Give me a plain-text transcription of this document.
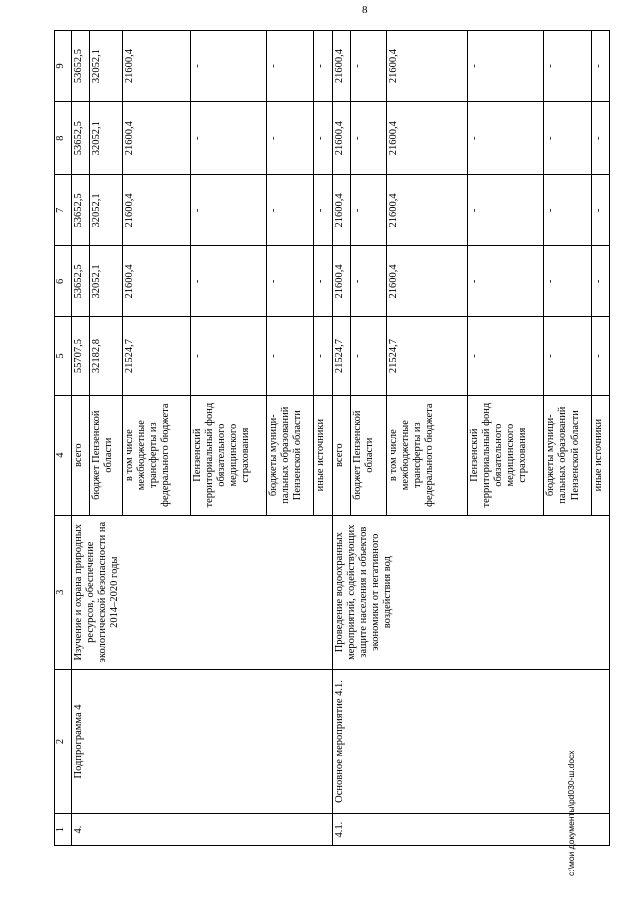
1	2	3	4	5	6	7	8	9
4.	Подпрограмма 4	Изучение и охрана природных ресурсов, обеспечение экологической безопасности на 2014–2020 годы	всего	55707,5	53652,5	53652,5	53652,5	53652,5
			бюджет Пензенской области	32182,8	32052,1	32052,1	32052,1	32052,1
			в том числе межбюджетные трансферты из федерального бюджета	21524,7	21600,4	21600,4	21600,4	21600,4
			Пензенский территориальный фонд обязательного медицинского страхования	-	-	-	-	-
			бюджеты муници-пальных образований Пензенской области	-	-	-	-	-
			иные источники	-	-	-	-	-
4.1.	Основное мероприятие 4.1.	Проведение водоохранных мероприятий, содействующих защите населения и объектов экономики от негативного воздействия вод	всего	21524,7	21600,4	21600,4	21600,4	21600,4
			бюджет Пензенской области	-	-	-	-	-
			в том числе межбюджетные трансферты из федерального бюджета	21524,7	21600,4	21600,4	21600,4	21600,4
			Пензенский территориальный фонд обязательного медицинского страхования	-	-	-	-	-
			бюджеты муници-пальных образований Пензенской области	-	-	-	-	-
			иные источники	-	-	-	-	-
8
c:\мои документы\pd030-ш.docx
